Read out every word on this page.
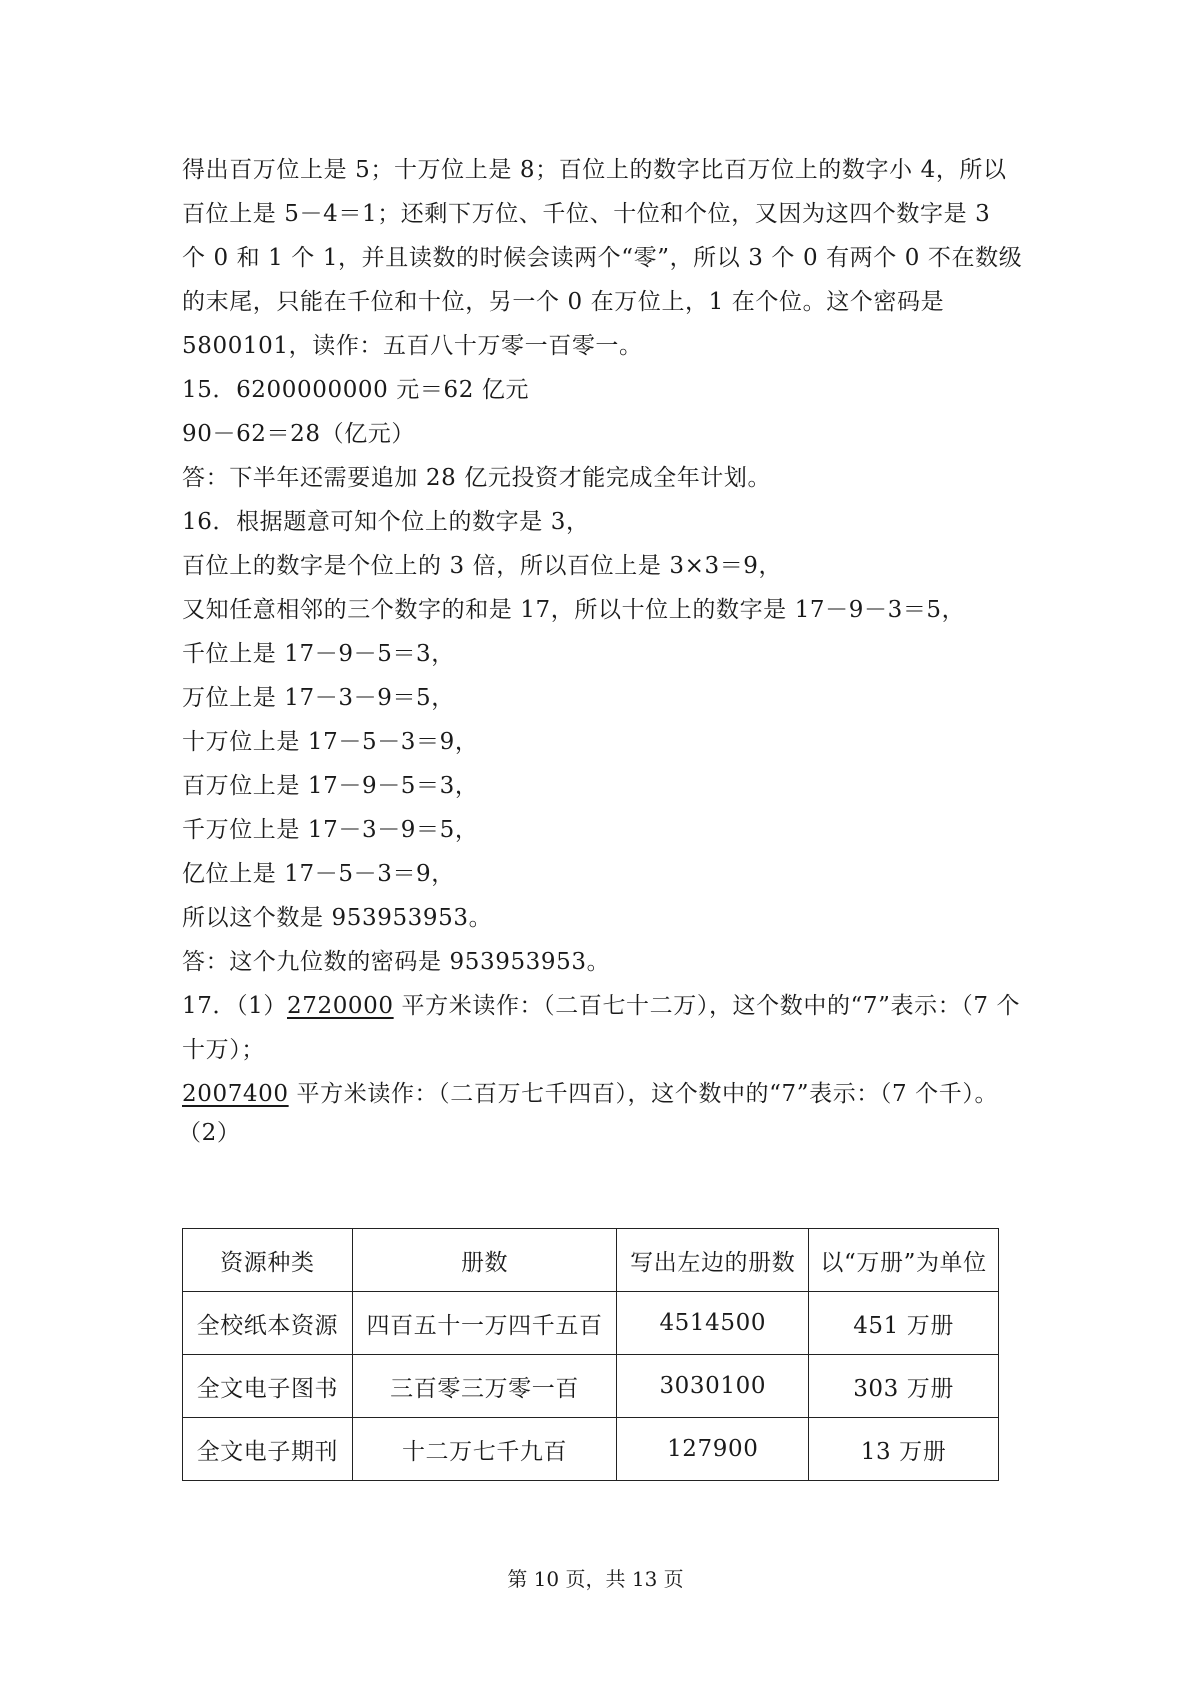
得出百万位上是 5；十万位上是 8；百位上的数字比百万位上的数字小 4，所以
百位上是 5－4＝1；还剩下万位、千位、十位和个位，又因为这四个数字是 3
个 0 和 1 个 1，并且读数的时候会读两个“零”，所以 3 个 0 有两个 0 不在数级
的末尾，只能在千位和十位，另一个 0 在万位上，1 在个位。这个密码是
5800101，读作：五百八十万零一百零一。
15．6200000000 元＝62 亿元
90－62＝28（亿元）
答：下半年还需要追加 28 亿元投资才能完成全年计划。
16．根据题意可知个位上的数字是 3，
百位上的数字是个位上的 3 倍，所以百位上是 3×3＝9，
又知任意相邻的三个数字的和是 17，所以十位上的数字是 17－9－3＝5，
千位上是 17－9－5＝3，
万位上是 17－3－9＝5，
十万位上是 17－5－3＝9，
百万位上是 17－9－5＝3，
千万位上是 17－3－9＝5，
亿位上是 17－5－3＝9，
所以这个数是 953953953。
答：这个九位数的密码是 953953953。
17．（1）2720000 平方米读作：（二百七十二万），这个数中的“7”表示：（7 个
十万）；
2007400 平方米读作：（二百万七千四百），这个数中的“7”表示：（7 个千）。
（2）
资源种类	册数	写出左边的册数	以“万册”为单位
全校纸本资源	四百五十一万四千五百	4514500	451 万册
全文电子图书	三百零三万零一百	3030100	303 万册
全文电子期刊	十二万七千九百	127900	13 万册
第 10 页，共 13 页
